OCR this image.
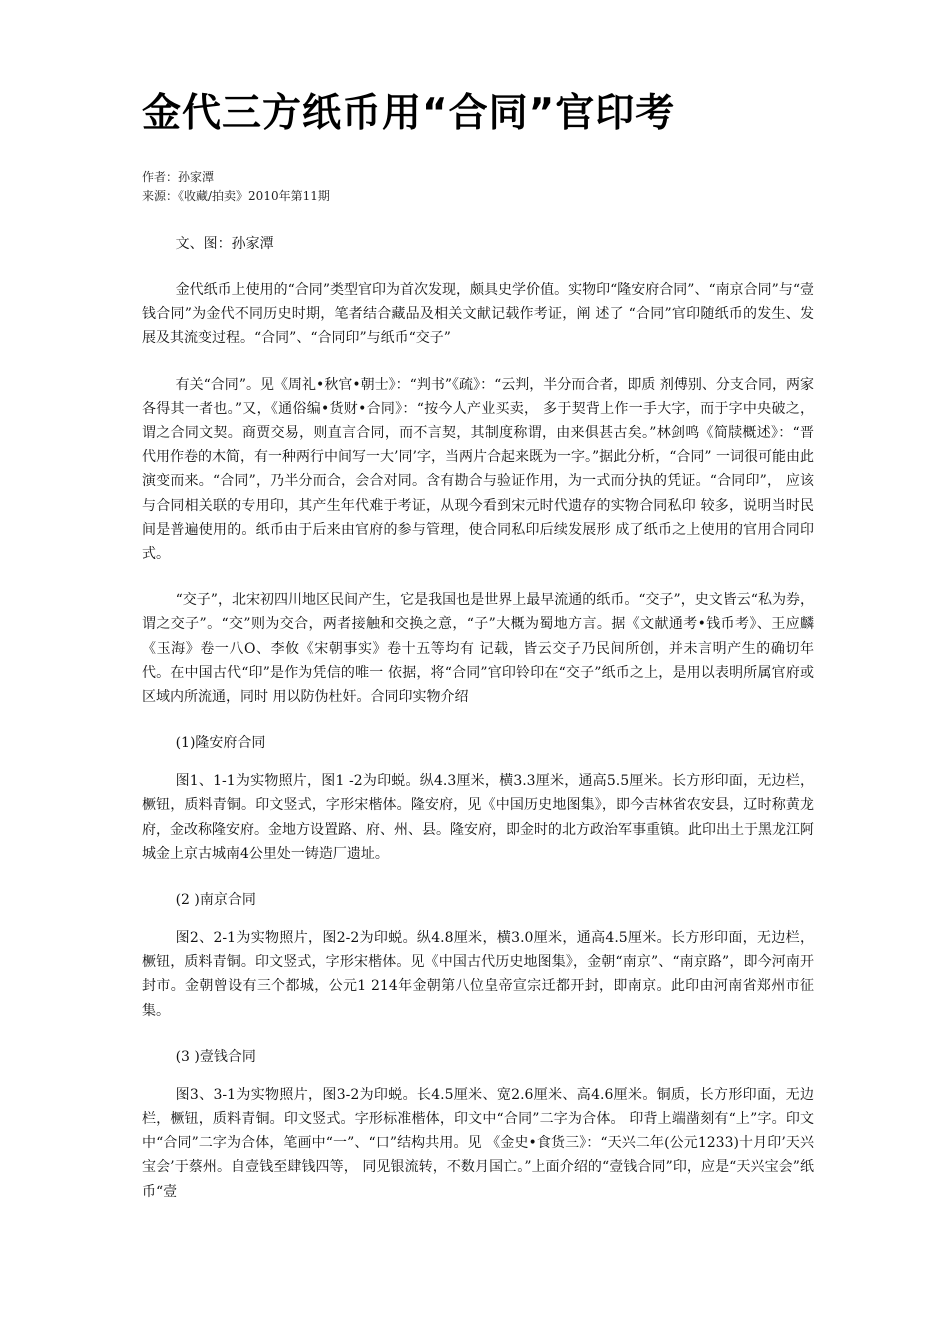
金代三方纸币用“合同”官印考
作者：孙家潭
来源：《收藏/拍卖》2010年第11期
文、图：孙家潭

金代纸币上使用的“合同”类型官印为首次发现，颇具史学价值。实物印“隆安府合同”、“南京合同”与“壹钱合同”为金代不同历史时期，笔者结合藏品及相关文献记载作考证，阐 述了 “合同”官印随纸币的发生、发展及其流变过程。“合同”、“合同印”与纸币“交子”

有关“合同”。见《周礼•秋官•朝士》：“判书”《疏》：“云判，半分而合者，即质 剂傅别、分支合同，两家各得其一者也。”又，《通俗编•货财•合同》：“按今人产业买卖， 多于契背上作一手大字，而于字中央破之，谓之合同文契。商贾交易，则直言合同，而不言契，其制度称谓，由来俱甚古矣。”林剑鸣《简牍概述》：“晋代用作卷的木简，有一种两行中间写一大’同’字，当两片合起来既为一字。”据此分析，“合同” 一词很可能由此演变而来。“合同”，乃半分而合，会合对同。含有勘合与验证作用，为一式而分执的凭证。“合同印”， 应该与合同相关联的专用印，其产生年代难于考证，从现今看到宋元时代遗存的实物合同私印 较多，说明当时民间是普遍使用的。纸币由于后来由官府的参与管理，使合同私印后续发展形 成了纸币之上使用的官用合同印式。

“交子”，北宋初四川地区民间产生，它是我国也是世界上最早流通的纸币。“交子”，史文皆云“私为券，谓之交子”。“交”则为交合，两者接触和交换之意，“子”大概为蜀地方言。据《文献通考•钱币考》、王应麟《玉海》卷一八O、李攸《宋朝事实》卷十五等均有 记载，皆云交子乃民间所创，并未言明产生的确切年代。在中国古代“印”是作为凭信的唯一 依据，将“合同”官印铃印在“交子”纸币之上，是用以表明所属官府或区域内所流通，同时 用以防伪杜奸。合同印实物介绍

(1)隆安府合同

图1、1-1为实物照片，图1 -2为印蜕。纵4.3厘米，横3.3厘米，通高5.5厘米。长方形印面，无边栏，橛钮，质料青铜。印文竖式，字形宋楷体。隆安府，见《中国历史地图集》，即今吉林省农安县，辽时称黄龙府，金改称隆安府。金地方设置路、府、州、县。隆安府，即金时的北方政治军事重镇。此印出土于黑龙江阿城金上京古城南4公里处一铸造厂遗址。

(2 )南京合同

图2、2-1为实物照片，图2-2为印蜕。纵4.8厘米，横3.0厘米，通高4.5厘米。长方形印面，无边栏，橛钮，质料青铜。印文竖式，字形宋楷体。见《中国古代历史地图集》，金朝“南京”、“南京路”，即今河南开封市。金朝曾设有三个都城，公元1 214年金朝第八位皇帝宣宗迁都开封，即南京。此印由河南省郑州市征集。

(3 )壹钱合同

图3、3-1为实物照片，图3-2为印蜕。长4.5厘米、宽2.6厘米、高4.6厘米。铜质，长方形印面，无边栏，橛钮，质料青铜。印文竖式。字形标准楷体，印文中“合同”二字为合体。 印背上端凿刻有“上”字。印文中“合同”二字为合体，笔画中“一”、“口”结构共用。见 《金史•食货三》：“天兴二年(公元1233)十月印’天兴宝会’于蔡州。自壹钱至肆钱四等， 同见银流转，不数月国亡。”上面介绍的“壹钱合同”印，应是“天兴宝会”纸币“壹
